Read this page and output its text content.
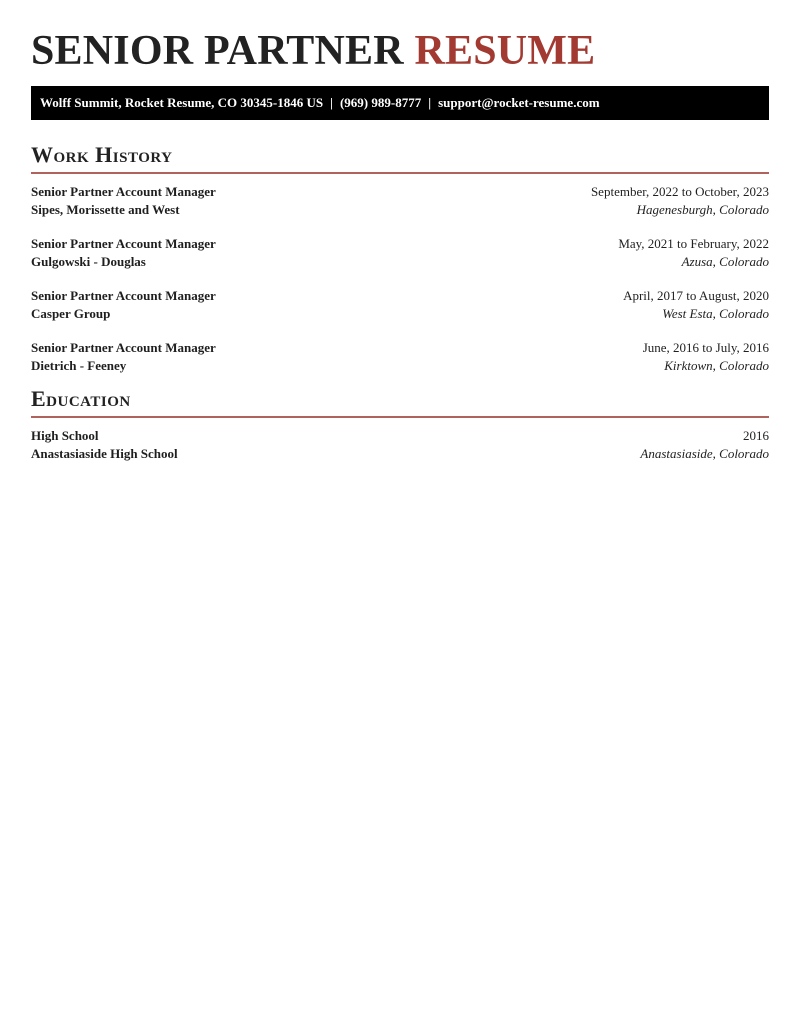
SENIOR PARTNER RESUME
Wolff Summit, Rocket Resume, CO 30345-1846 US | (969) 989-8777 | support@rocket-resume.com
Work History
Senior Partner Account Manager	September, 2022 to October, 2023
Sipes, Morissette and West	Hagenesburgh, Colorado
Senior Partner Account Manager	May, 2021 to February, 2022
Gulgowski - Douglas	Azusa, Colorado
Senior Partner Account Manager	April, 2017 to August, 2020
Casper Group	West Esta, Colorado
Senior Partner Account Manager	June, 2016 to July, 2016
Dietrich - Feeney	Kirktown, Colorado
Education
High School	2016
Anastasiaside High School	Anastasiaside, Colorado
